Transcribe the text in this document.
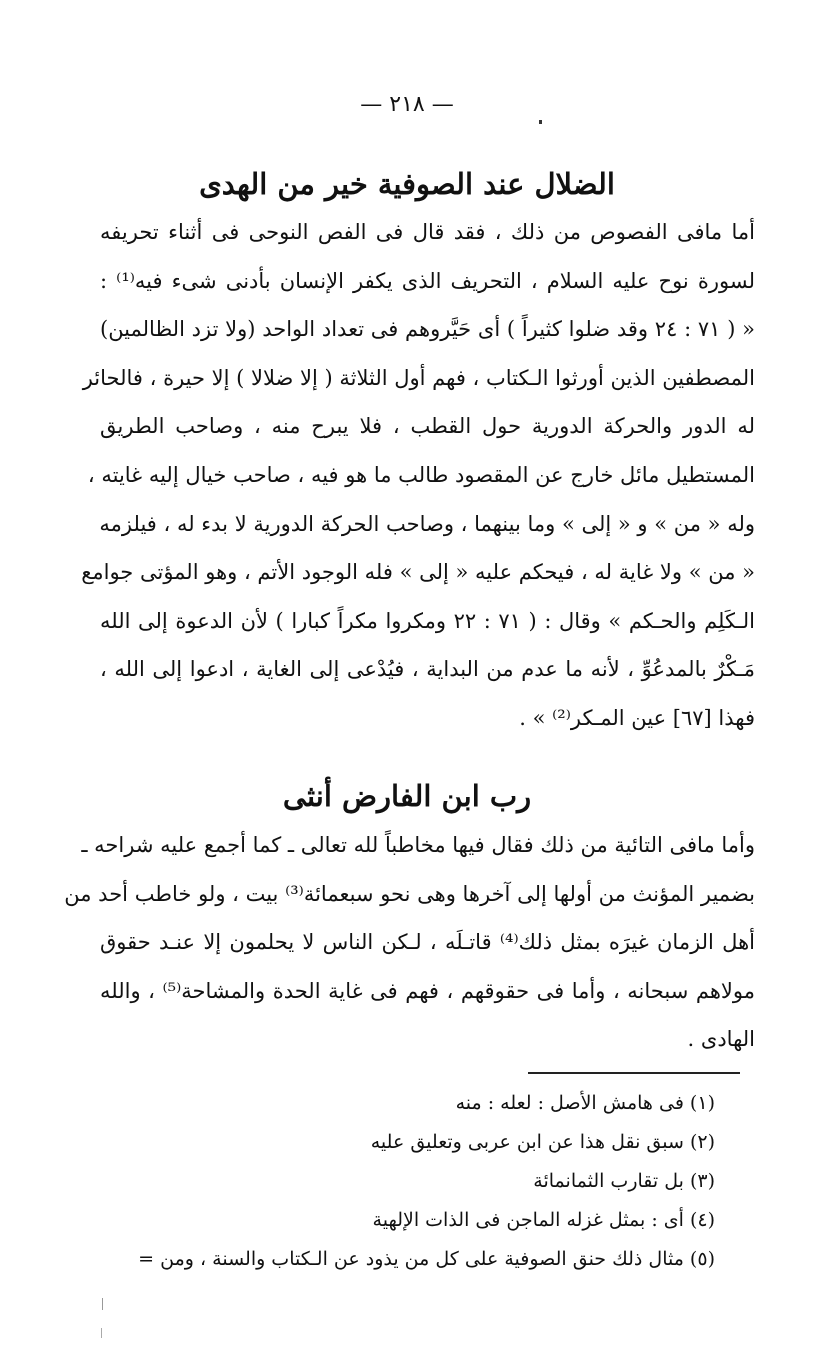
— ٢١٨ —
الضلال عند الصوفية خير من الهدى
أما مافى الفصوص من ذلك ، فقد قال فى الفص النوحى فى أثناء تحريفه
لسورة نوح عليه السلام ، التحريف الذى يكفر الإنسان بأدنى شىء فيه⁽¹⁾ :
« ( ٧١ : ٢٤ وقد ضلوا كثيراً ) أى حَيَّروهم فى تعداد الواحد (ولا تزد الظالمين)
المصطفين الذين أورثوا الـكتاب ، فهم أول الثلاثة ( إلا ضلالا ) إلا حيرة ، فالحائر
له الدور والحركة الدورية حول القطب ، فلا يبرح منه ، وصاحب الطريق
المستطيل مائل خارج عن المقصود طالب ما هو فيه ، صاحب خيال إليه غايته ،
وله « من » و « إلى » وما بينهما ، وصاحب الحركة الدورية لا بدء له ، فيلزمه
« من » ولا غاية له ، فيحكم عليه « إلى » فله الوجود الأتم ، وهو المؤتى جوامع
الـكَلِم والحـكم » وقال : ( ٧١ : ٢٢ ومكروا مكراً كبارا ) لأن الدعوة إلى الله
مَـكْرٌ بالمدعُوِّ ، لأنه ما عدم من البداية ، فيُدْعى إلى الغاية ، ادعوا إلى الله ،
فهذا [٦٧] عين المـكر⁽²⁾ » .
رب ابن الفارض أنثى
وأما مافى التائية من ذلك فقال فيها مخاطباً لله تعالى ـ كما أجمع عليه شراحه ـ
بضمير المؤنث من أولها إلى آخرها وهى نحو سبعمائة⁽³⁾ بيت ، ولو خاطب أحد من
أهل الزمان غيرَه بمثل ذلك⁽⁴⁾ قاتـلَه ، لـكن الناس لا يحلمون إلا عنـد حقوق
مولاهم سبحانه ، وأما فى حقوقهم ، فهم فى غاية الحدة والمشاحة⁽⁵⁾ ، والله
الهادى .
(١) فى هامش الأصل : لعله : منه
(٢) سبق نقل هذا عن ابن عربى وتعليق عليه
(٣) بل تقارب الثمانمائة
(٤) أى : بمثل غزله الماجن فى الذات الإلهية
(٥) مثال ذلك حنق الصوفية على كل من يذود عن الـكتاب والسنة ، ومن =
